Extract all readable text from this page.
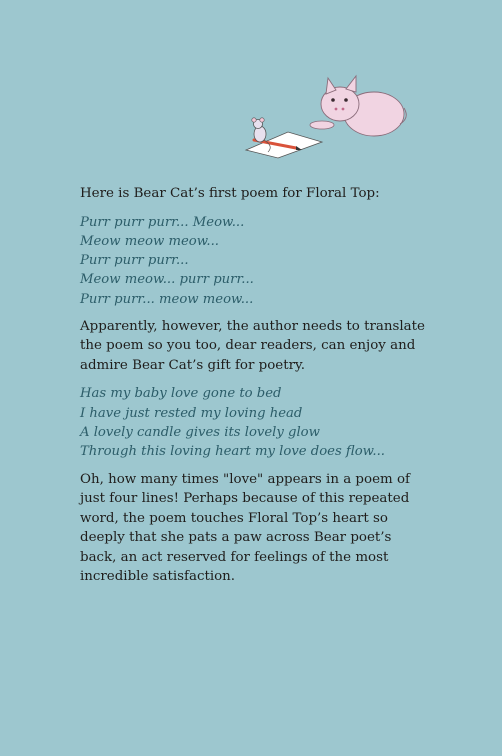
Here is Bear Cat’s first poem for Floral Top:

Purr purr purr... Meow...
Meow meow meow...
Purr purr purr...
Meow meow... purr purr...
Purr purr... meow meow...

Apparently, however, the author needs to translate the poem so you too, dear readers, can enjoy and admire Bear Cat’s gift for poetry.

Has my baby love gone to bed
I have just rested my loving head
A lovely candle gives its lovely glow
Through this loving heart my love does flow...

Oh, how many times "love" appears in a poem of just four lines! Perhaps because of this repeated word, the poem touches Floral Top’s heart so deeply that she pats a paw across Bear poet’s back, an act reserved for feelings of the most incredible satisfaction.
